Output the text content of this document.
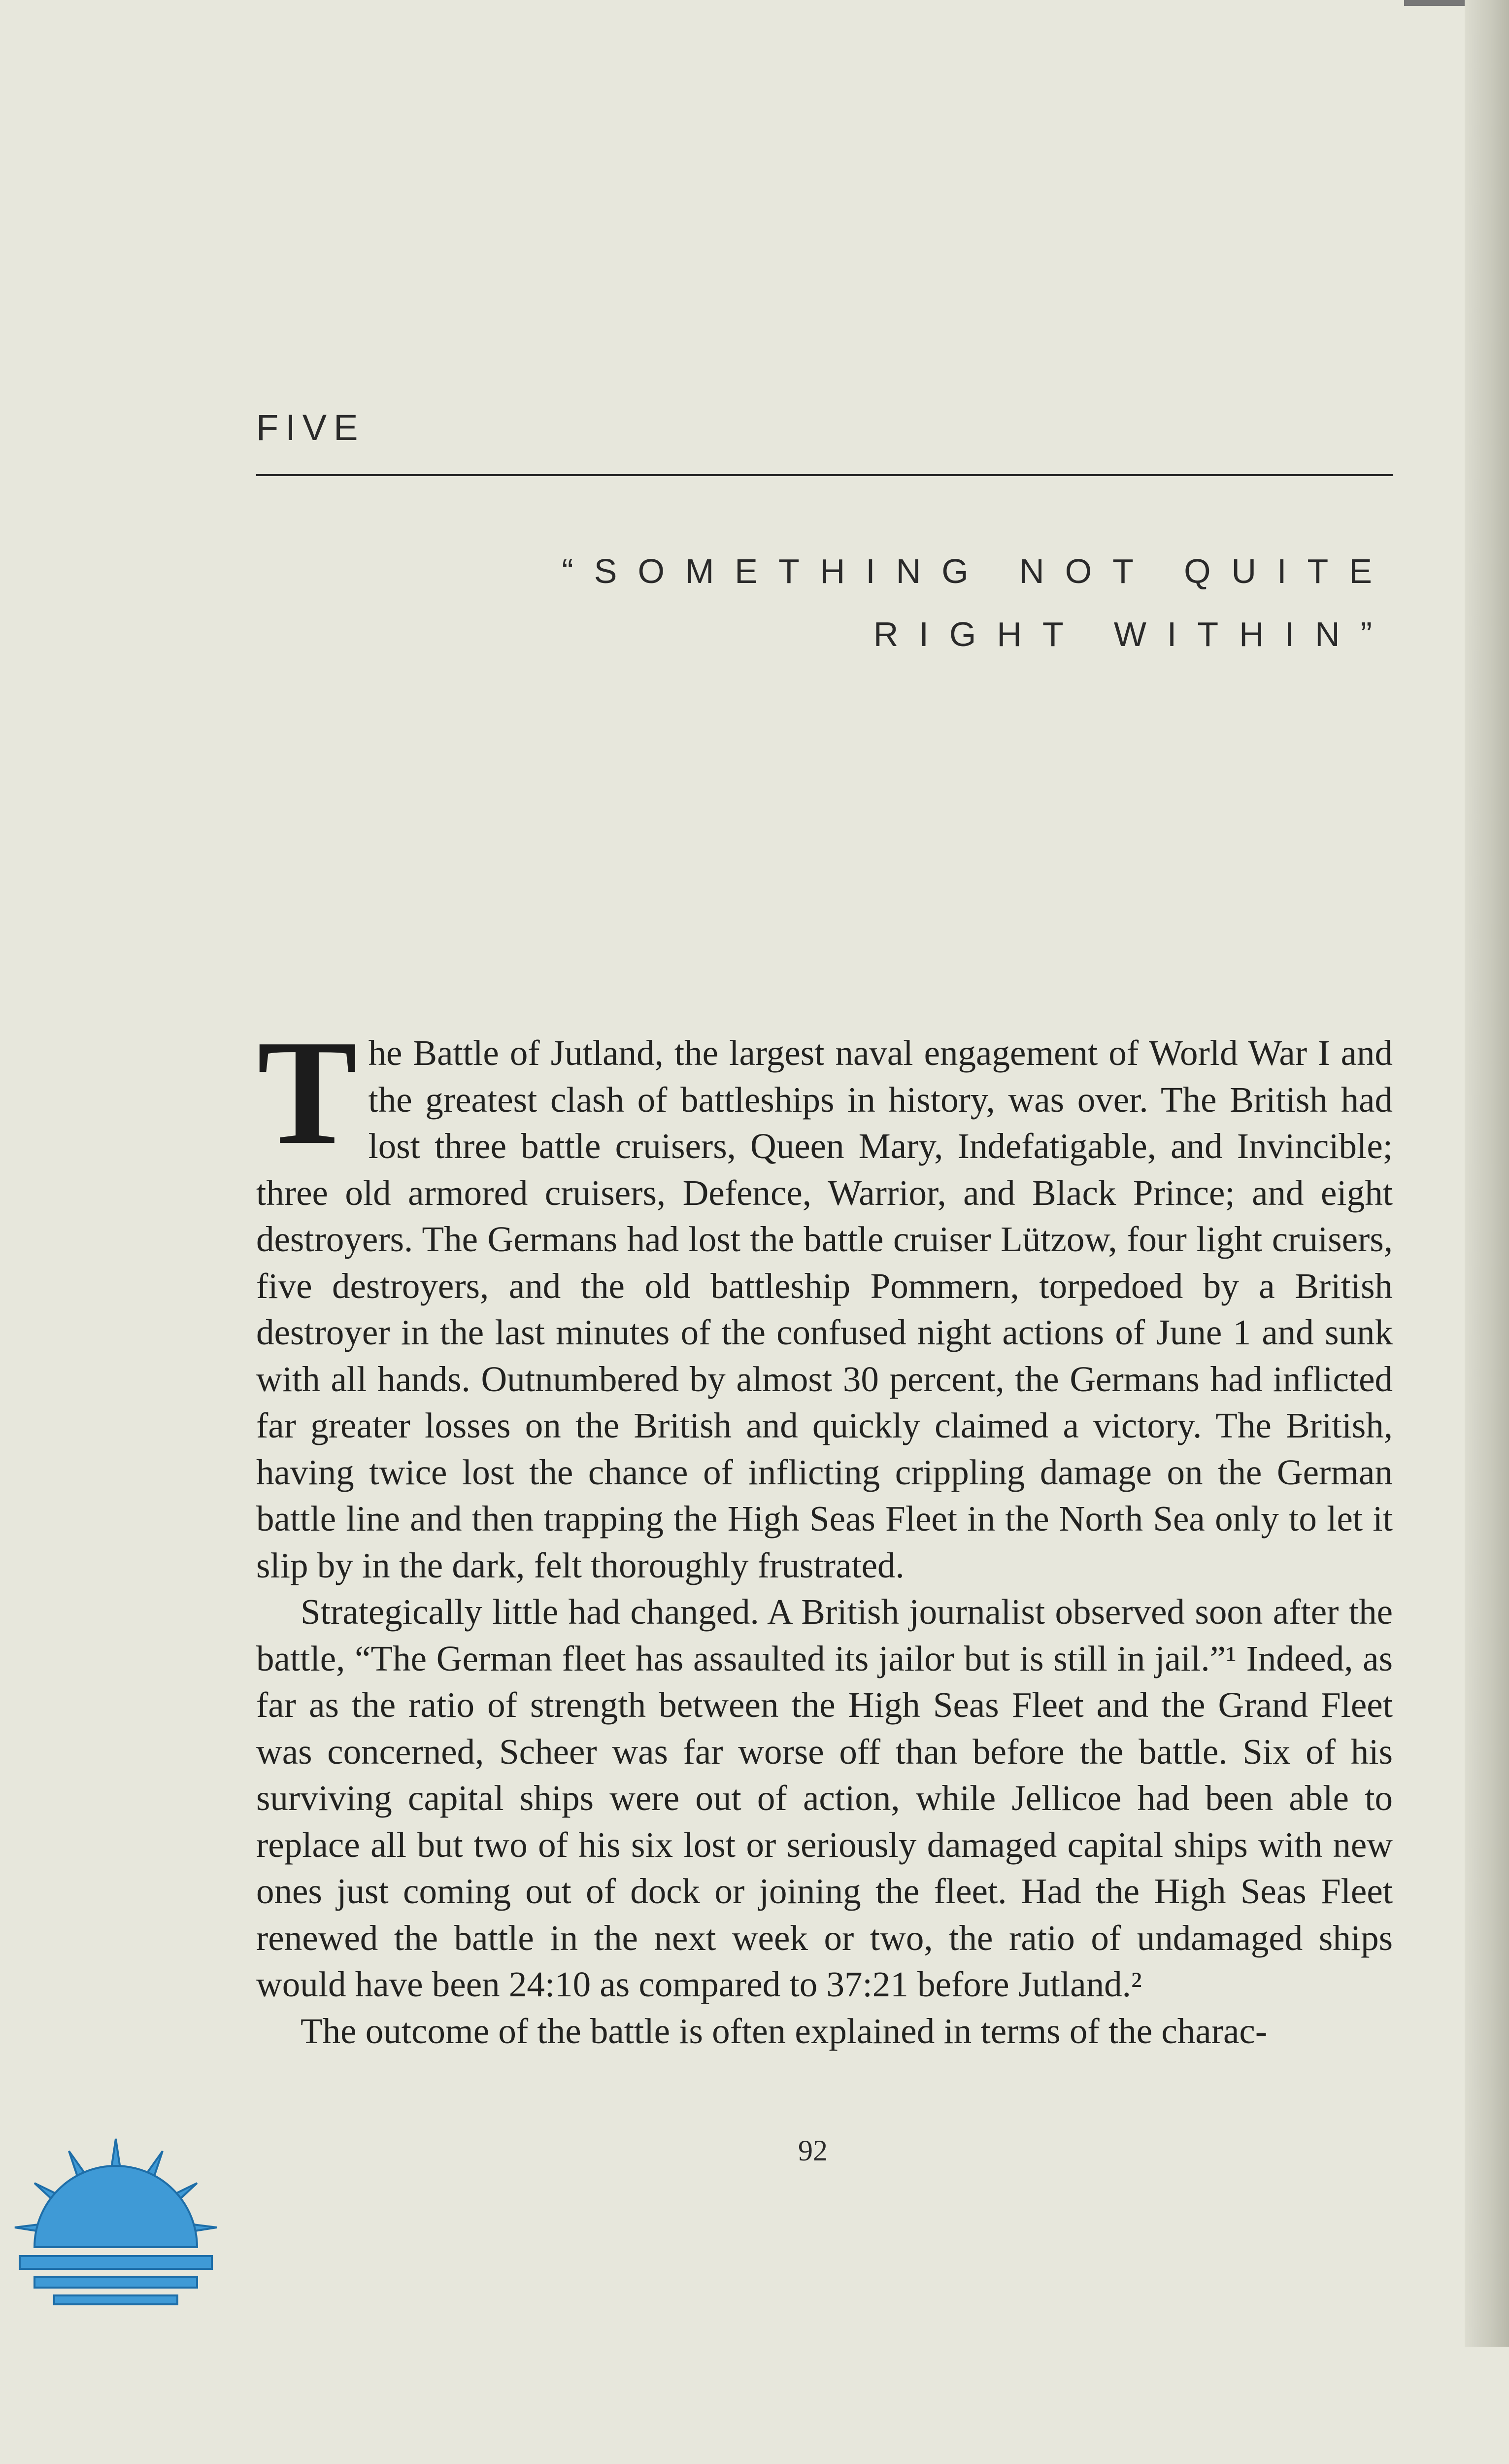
FIVE
“SOMETHING NOT QUITE
RIGHT WITHIN”

The Battle of Jutland, the largest naval engagement of World War I and the greatest clash of battleships in history, was over. The British had lost three battle cruisers, Queen Mary, Indefatigable, and Invincible; three old armored cruisers, Defence, Warrior, and Black Prince; and eight destroyers. The Germans had lost the battle cruiser Lützow, four light cruisers, five destroyers, and the old battleship Pommern, torpedoed by a British destroyer in the last minutes of the confused night actions of June 1 and sunk with all hands. Outnumbered by almost 30 percent, the Germans had inflicted far greater losses on the British and quickly claimed a victory. The British, having twice lost the chance of inflicting crippling damage on the German battle line and then trapping the High Seas Fleet in the North Sea only to let it slip by in the dark, felt thoroughly frustrated.

Strategically little had changed. A British journalist observed soon after the battle, “The German fleet has assaulted its jailor but is still in jail.”¹ Indeed, as far as the ratio of strength between the High Seas Fleet and the Grand Fleet was concerned, Scheer was far worse off than before the battle. Six of his surviving capital ships were out of action, while Jellicoe had been able to replace all but two of his six lost or seriously damaged capital ships with new ones just coming out of dock or joining the fleet. Had the High Seas Fleet renewed the battle in the next week or two, the ratio of undamaged ships would have been 24:10 as compared to 37:21 before Jutland.²

The outcome of the battle is often explained in terms of the charac-

92
